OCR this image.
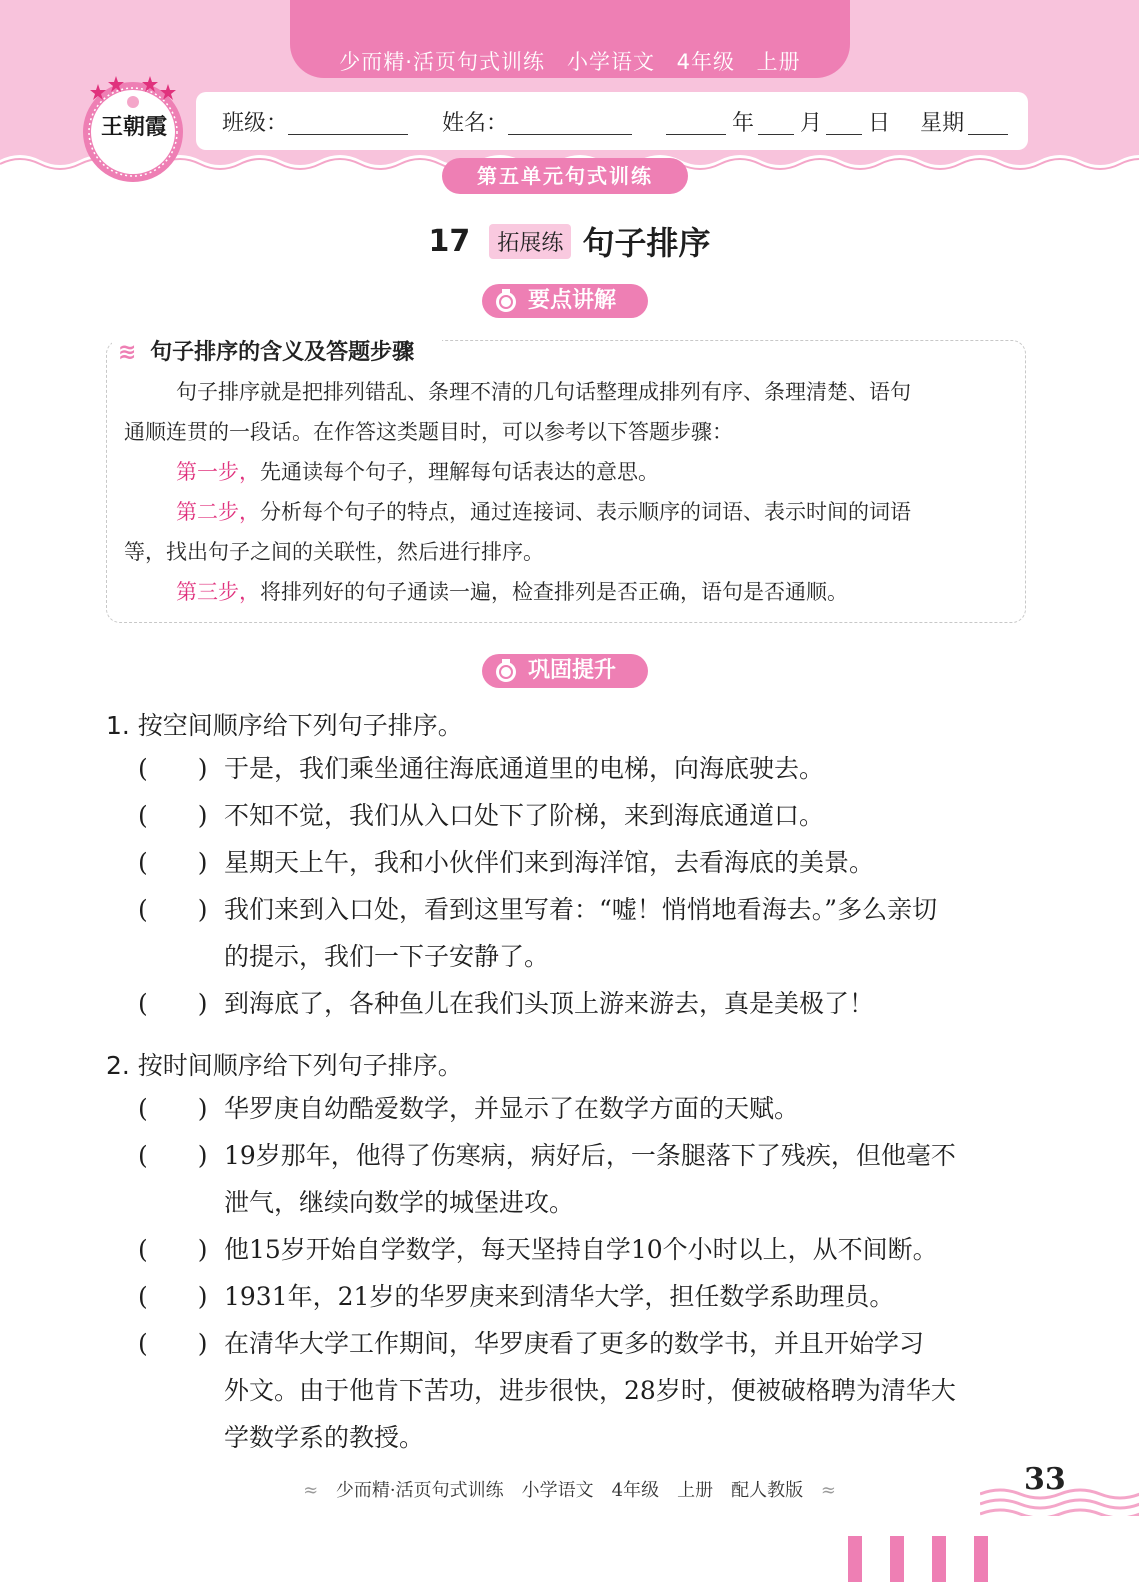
少而精·活页句式训练　小学语文 4年级 上册
王朝霞	班级：	姓名：	年 月 日 星期
第五单元句式训练
17 拓展练 句子排序
要点讲解
≋ 句子排序的含义及答题步骤
句子排序就是把排列错乱、条理不清的几句话整理成排列有序、条理清楚、语句
通顺连贯的一段话。在作答这类题目时，可以参考以下答题步骤：
第一步，先通读每个句子，理解每句话表达的意思。
第二步，分析每个句子的特点，通过连接词、表示顺序的词语、表示时间的词语
等，找出句子之间的关联性，然后进行排序。
第三步，将排列好的句子通读一遍，检查排列是否正确，语句是否通顺。
巩固提升
1. 按空间顺序给下列句子排序。
(　　) 于是，我们乘坐通往海底通道里的电梯，向海底驶去。
(　　) 不知不觉，我们从入口处下了阶梯，来到海底通道口。
(　　) 星期天上午，我和小伙伴们来到海洋馆，去看海底的美景。
(　　) 我们来到入口处，看到这里写着：“嘘！悄悄地看海去。”多么亲切
的提示，我们一下子安静了。
(　　) 到海底了，各种鱼儿在我们头顶上游来游去，真是美极了！
2. 按时间顺序给下列句子排序。
(　　) 华罗庚自幼酷爱数学，并显示了在数学方面的天赋。
(　　) 19岁那年，他得了伤寒病，病好后，一条腿落下了残疾，但他毫不
泄气，继续向数学的城堡进攻。
(　　) 他15岁开始自学数学，每天坚持自学10个小时以上，从不间断。
(　　) 1931年，21岁的华罗庚来到清华大学，担任数学系助理员。
(　　) 在清华大学工作期间，华罗庚看了更多的数学书，并且开始学习
外文。由于他肯下苦功，进步很快，28岁时，便被破格聘为清华大
学数学系的教授。
≈ 少而精·活页句式训练　小学语文　4年级　上册　配人教版 ≈	33
